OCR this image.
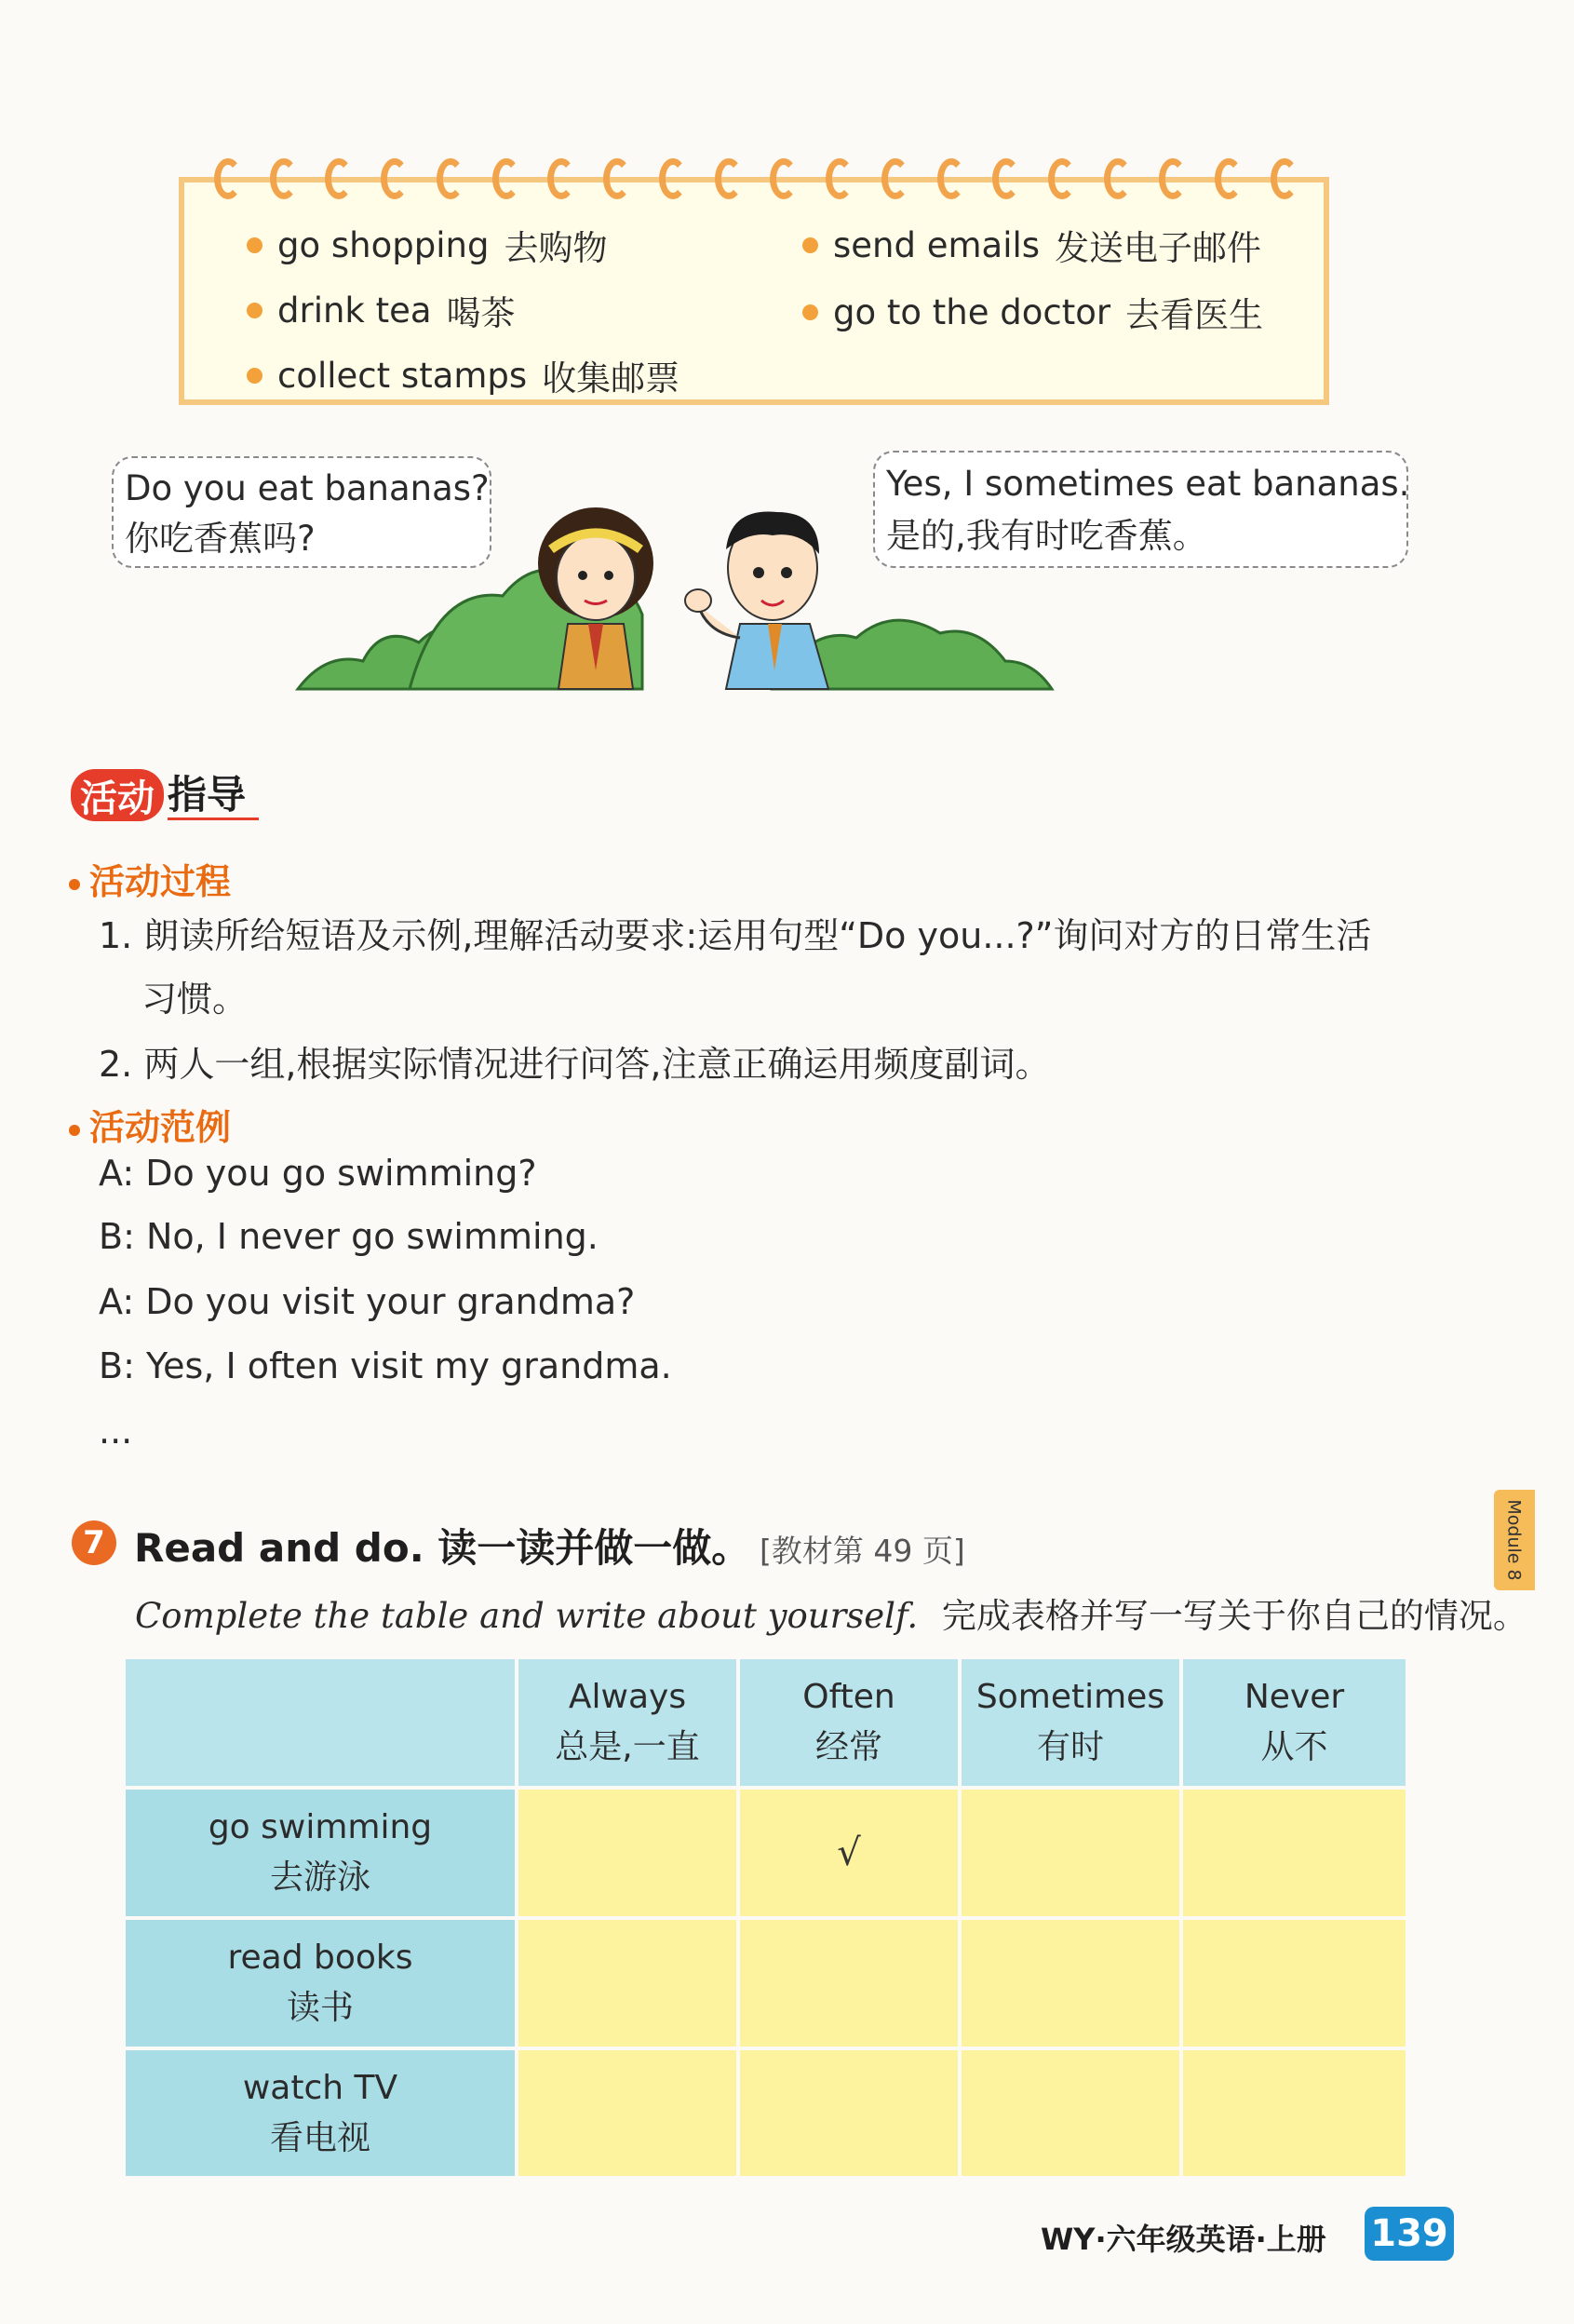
go shopping 去购物	send emails 发送电子邮件
drink tea 喝茶	go to the doctor 去看医生
collect stamps 收集邮票
Do you eat bananas?
你吃香蕉吗?
Yes, I sometimes eat bananas.
是的,我有时吃香蕉。
活动 指导
活动过程
1. 朗读所给短语及示例,理解活动要求:运用句型“Do you...?”询问对方的日常生活
习惯。
2. 两人一组,根据实际情况进行问答,注意正确运用频度副词。
活动范例
A: Do you go swimming?
B: No, I never go swimming.
A: Do you visit your grandma?
B: Yes, I often visit my grandma.
...
7 Read and do. 读一读并做一做。 [教材第 49 页]
Complete the table and write about yourself. 完成表格并写一写关于你自己的情况。
Always
总是,一直
Often
经常
Sometimes
有时
Never
从不
go swimming
去游泳
√
read books
读书
watch TV
看电视
Module 8
WY·六年级英语·上册 139
